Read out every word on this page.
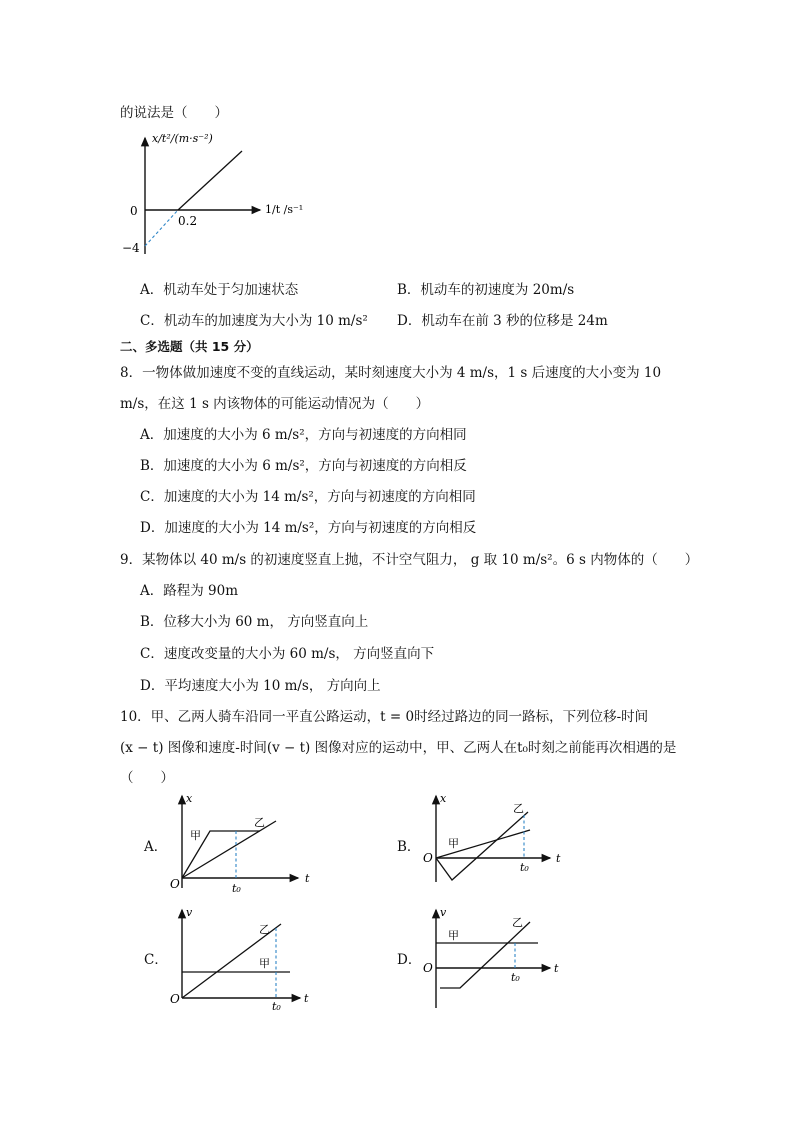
的说法是（　　）
x/t²/(m·s⁻²)
1/t /s⁻¹
0
0.2
−4
A．机动车处于匀加速状态	B．机动车的初速度为 20m/s
C．机动车的加速度为大小为 10 m/s² D．机动车在前 3 秒的位移是 24m
二、多选题（共 15 分）
8．一物体做加速度不变的直线运动，某时刻速度大小为 4 m/s，1 s 后速度的大小变为 10
m/s，在这 1 s 内该物体的可能运动情况为（　　）
A．加速度的大小为 6 m/s²，方向与初速度的方向相同
B．加速度的大小为 6 m/s²，方向与初速度的方向相反
C．加速度的大小为 14 m/s²，方向与初速度的方向相同
D．加速度的大小为 14 m/s²，方向与初速度的方向相反
9．某物体以 40 m/s 的初速度竖直上抛，不计空气阻力， g 取 10 m/s²。6 s 内物体的（　　）
A．路程为 90m
B．位移大小为 60 m， 方向竖直向上
C．速度改变量的大小为 60 m/s， 方向竖直向下
D．平均速度大小为 10 m/s， 方向向上
10．甲、乙两人骑车沿同一平直公路运动，t = 0时经过路边的同一路标，下列位移-时间
(x − t) 图像和速度-时间(v − t) 图像对应的运动中，甲、乙两人在t₀时刻之前能再次相遇的是
（　　）
A．
x
t
O	t₀
甲
乙
B．
x
t
O
t₀
甲
乙
C．
v
t
O
t₀
甲
乙
D．
v
t
O
t₀
甲
乙
